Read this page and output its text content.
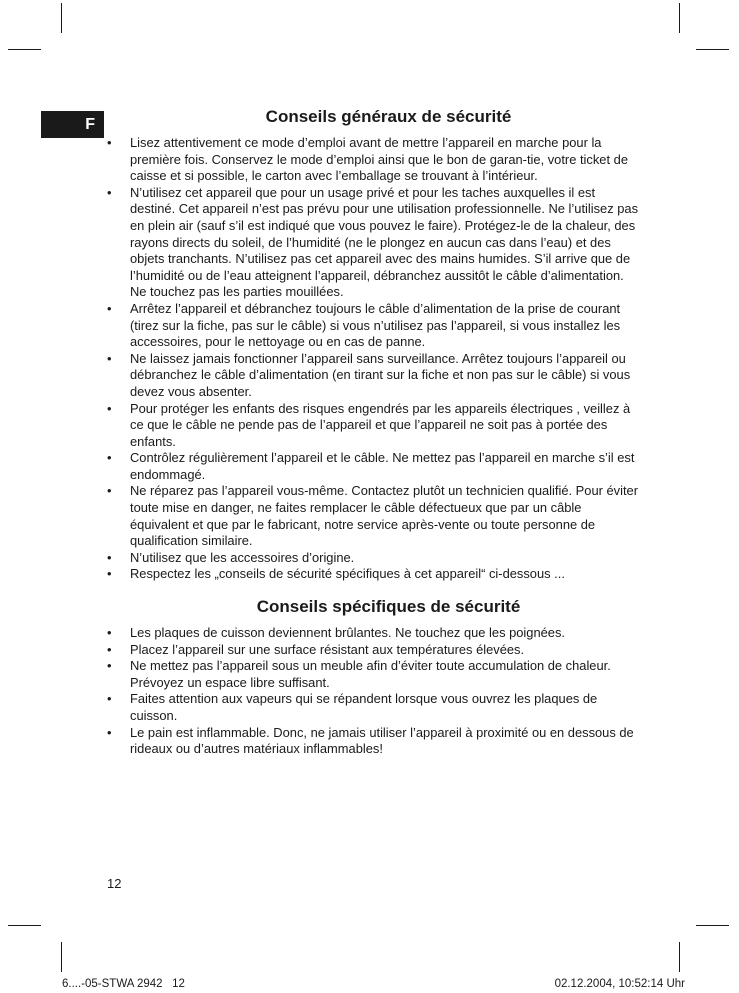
F	Conseils généraux de sécurité
• Lisez attentivement ce mode d’emploi avant de mettre l’appareil en marche pour la première fois. Conservez le mode d’emploi ainsi que le bon de garan-tie, votre ticket de caisse et si possible, le carton avec l’emballage se trouvant à l’intérieur.
• N’utilisez cet appareil que pour un usage privé et pour les taches auxquelles il est destiné. Cet appareil n’est pas prévu pour une utilisation professionnelle. Ne l’utilisez pas en plein air (sauf s’il est indiqué que vous pouvez le faire). Protégez-le de la chaleur, des rayons directs du soleil, de l’humidité (ne le plongez en aucun cas dans l’eau) et des objets tranchants. N’utilisez pas cet appareil avec des mains humides. S’il arrive que de l’humidité ou de l’eau atteignent l’appareil, débranchez aussitôt le câble d’alimentation. Ne touchez pas les parties mouillées.
• Arrêtez l’appareil et débranchez toujours le câble d’alimentation de la prise de courant (tirez sur la fiche, pas sur le câble) si vous n’utilisez pas l’appareil, si vous installez les accessoires, pour le nettoyage ou en cas de panne.
• Ne laissez jamais fonctionner l’appareil sans surveillance. Arrêtez toujours l’appareil ou débranchez le câble d’alimentation (en tirant sur la fiche et non pas sur le câble) si vous devez vous absenter.
• Pour protéger les enfants des risques engendrés par les appareils électriques , veillez à ce que le câble ne pende pas de l’appareil et que l’appareil ne soit pas à portée des enfants.
• Contrôlez régulièrement l’appareil et le câble. Ne mettez pas l’appareil en marche s’il est endommagé.
• Ne réparez pas l’appareil vous-même. Contactez plutôt un technicien qualifié. Pour éviter toute mise en danger, ne faites remplacer le câble défectueux que par un câble équivalent et que par le fabricant, notre service après-vente ou toute personne de qualification similaire.
• N’utilisez que les accessoires d’origine.
• Respectez les „conseils de sécurité spécifiques à cet appareil“ ci-dessous ...
Conseils spécifiques de sécurité
• Les plaques de cuisson deviennent brûlantes. Ne touchez que les poignées.
• Placez l’appareil sur une surface résistant aux températures élevées.
• Ne mettez pas l’appareil sous un meuble afin d’éviter toute accumulation de chaleur. Prévoyez un espace libre suffisant.
• Faites attention aux vapeurs qui se répandent lorsque vous ouvrez les plaques de cuisson.
• Le pain est inflammable. Donc, ne jamais utiliser l’appareil à proximité ou en dessous de rideaux ou d’autres matériaux inflammables!
12
6....-05-STWA 2942   12	02.12.2004, 10:52:14 Uhr
